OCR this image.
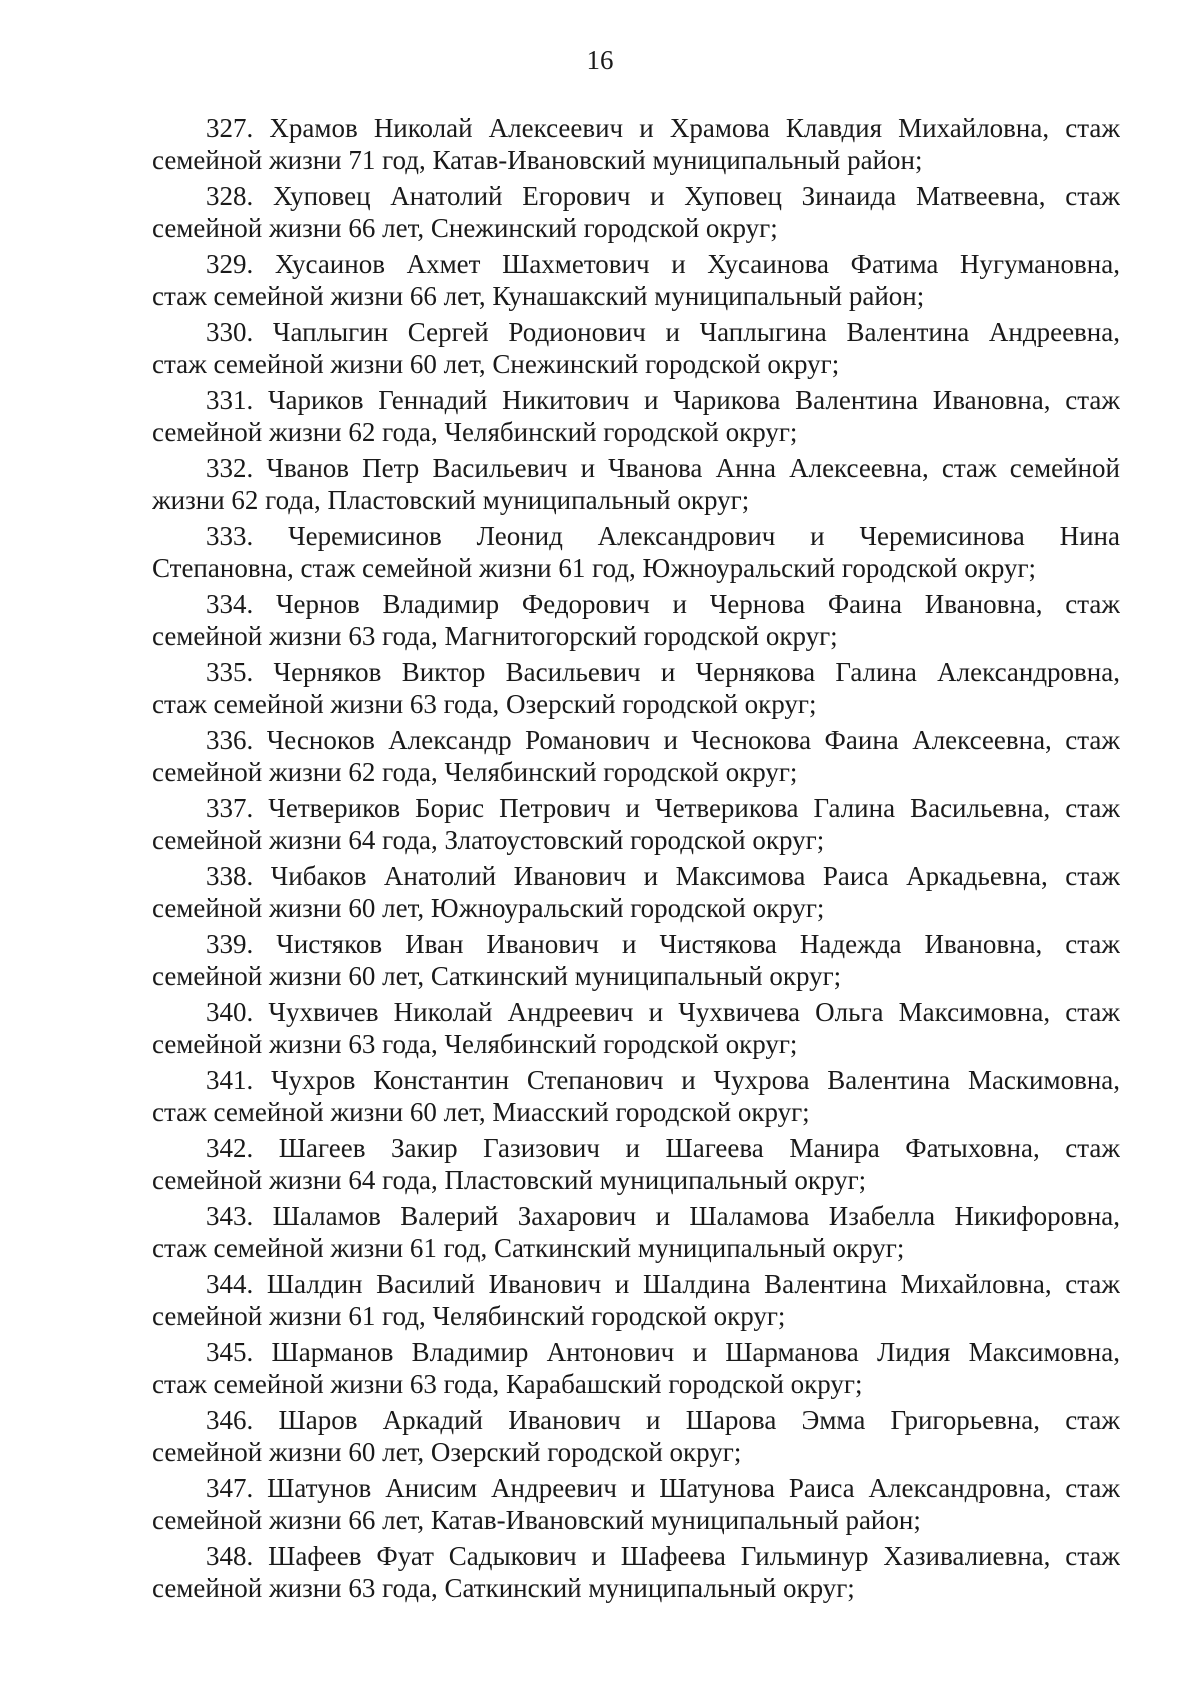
16
327. Храмов Николай Алексеевич и Храмова Клавдия Михайловна, стаж
семейной жизни 71 год, Катав-Ивановский муниципальный район;
328. Хуповец Анатолий Егорович и Хуповец Зинаида Матвеевна, стаж
семейной жизни 66 лет, Снежинский городской округ;
329. Хусаинов Ахмет Шахметович и Хусаинова Фатима Нугумановна,
стаж семейной жизни 66 лет, Кунашакский муниципальный район;
330. Чаплыгин Сергей Родионович и Чаплыгина Валентина Андреевна,
стаж семейной жизни 60 лет, Снежинский городской округ;
331. Чариков Геннадий Никитович и Чарикова Валентина Ивановна, стаж
семейной жизни 62 года, Челябинский городской округ;
332. Чванов Петр Васильевич и Чванова Анна Алексеевна, стаж семейной
жизни 62 года, Пластовский муниципальный округ;
333. Черемисинов Леонид Александрович и Черемисинова Нина
Степановна, стаж семейной жизни 61 год, Южноуральский городской округ;
334. Чернов Владимир Федорович и Чернова Фаина Ивановна, стаж
семейной жизни 63 года, Магнитогорский городской округ;
335. Черняков Виктор Васильевич и Чернякова Галина Александровна,
стаж семейной жизни 63 года, Озерский городской округ;
336. Чесноков Александр Романович и Чеснокова Фаина Алексеевна, стаж
семейной жизни 62 года, Челябинский городской округ;
337. Четвериков Борис Петрович и Четверикова Галина Васильевна, стаж
семейной жизни 64 года, Златоустовский городской округ;
338. Чибаков Анатолий Иванович и Максимова Раиса Аркадьевна, стаж
семейной жизни 60 лет, Южноуральский городской округ;
339. Чистяков Иван Иванович и Чистякова Надежда Ивановна, стаж
семейной жизни 60 лет, Саткинский муниципальный округ;
340. Чухвичев Николай Андреевич и Чухвичева Ольга Максимовна, стаж
семейной жизни 63 года, Челябинский городской округ;
341. Чухров Константин Степанович и Чухрова Валентина Маскимовна,
стаж семейной жизни 60 лет, Миасский городской округ;
342. Шагеев Закир Газизович и Шагеева Манира Фатыховна, стаж
семейной жизни 64 года, Пластовский муниципальный округ;
343. Шаламов Валерий Захарович и Шаламова Изабелла Никифоровна,
стаж семейной жизни 61 год, Саткинский муниципальный округ;
344. Шалдин Василий Иванович и Шалдина Валентина Михайловна, стаж
семейной жизни 61 год, Челябинский городской округ;
345. Шарманов Владимир Антонович и Шарманова Лидия Максимовна,
стаж семейной жизни 63 года, Карабашский городской округ;
346. Шаров Аркадий Иванович и Шарова Эмма Григорьевна, стаж
семейной жизни 60 лет, Озерский городской округ;
347. Шатунов Анисим Андреевич и Шатунова Раиса Александровна, стаж
семейной жизни 66 лет, Катав-Ивановский муниципальный район;
348. Шафеев Фуат Садыкович и Шафеева Гильминур Хазивалиевна, стаж
семейной жизни 63 года, Саткинский муниципальный округ;
